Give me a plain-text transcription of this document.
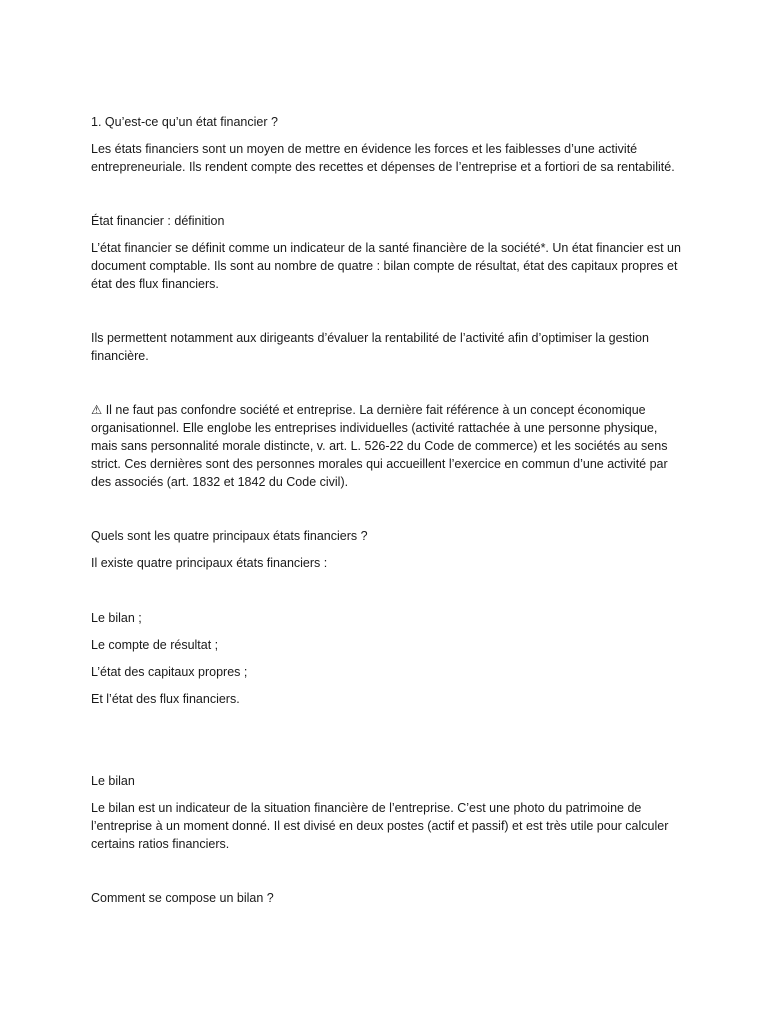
1. Qu’est-ce qu’un état financier ?

Les états financiers sont un moyen de mettre en évidence les forces et les faiblesses d’une activité entrepreneuriale. Ils rendent compte des recettes et dépenses de l’entreprise et a fortiori de sa rentabilité.

État financier : définition

L’état financier se définit comme un indicateur de la santé financière de la société*. Un état financier est un document comptable. Ils sont au nombre de quatre : bilan compte de résultat, état des capitaux propres et état des flux financiers.

Ils permettent notamment aux dirigeants d’évaluer la rentabilité de l’activité afin d’optimiser la gestion financière.

⚠ Il ne faut pas confondre société et entreprise. La dernière fait référence à un concept économique organisationnel. Elle englobe les entreprises individuelles (activité rattachée à une personne physique, mais sans personnalité morale distincte, v. art. L. 526-22 du Code de commerce) et les sociétés au sens strict. Ces dernières sont des personnes morales qui accueillent l’exercice en commun d’une activité par des associés (art. 1832 et 1842 du Code civil).

Quels sont les quatre principaux états financiers ?

Il existe quatre principaux états financiers :

Le bilan ;

Le compte de résultat ;

L’état des capitaux propres ;

Et l’état des flux financiers.

Le bilan

Le bilan est un indicateur de la situation financière de l’entreprise. C’est une photo du patrimoine de l’entreprise à un moment donné. Il est divisé en deux postes (actif et passif) et est très utile pour calculer certains ratios financiers.

Comment se compose un bilan ?
